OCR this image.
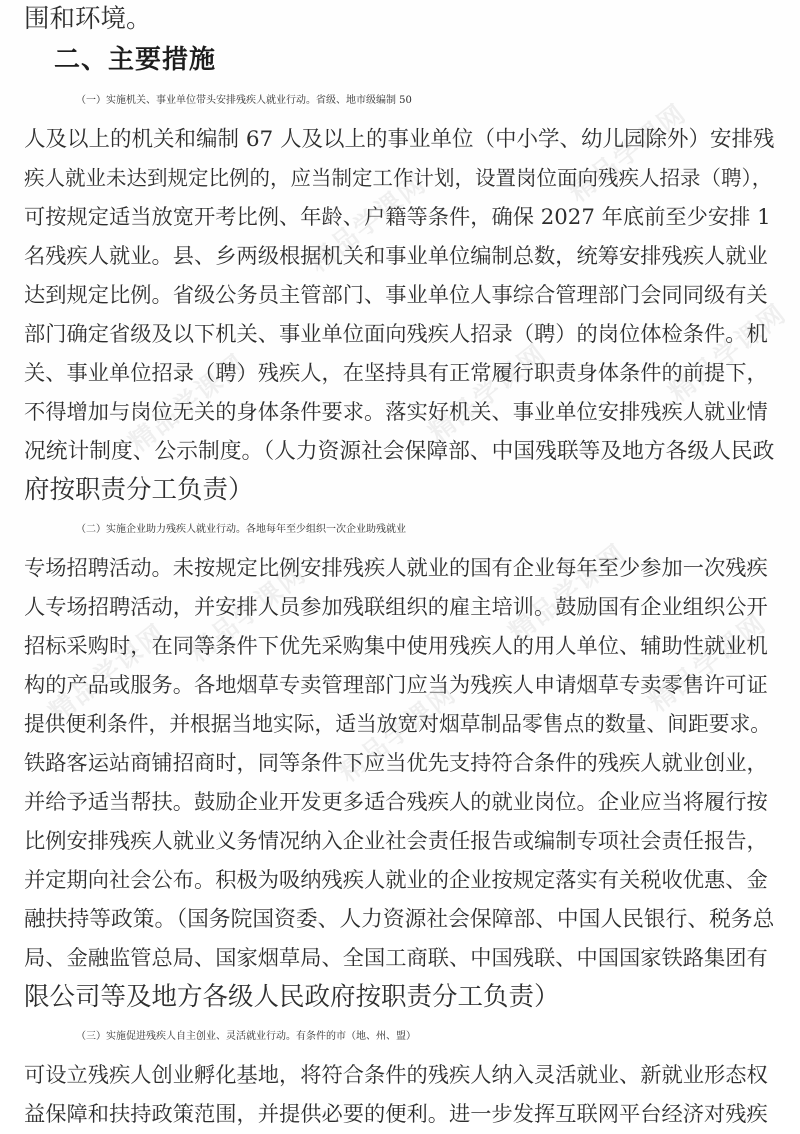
精品学课网
精品学课网
精品学课网	精品学课网	精品学课网
精品学课网	精品学课网
精品学课网	精品学课网
精品学课网
围和环境。
二、主要措施
（一）实施机关、事业单位带头安排残疾人就业行动。省级、地市级编制 50
人及以上的机关和编制 67 人及以上的事业单位（中小学、幼儿园除外）安排残
疾人就业未达到规定比例的，应当制定工作计划，设置岗位面向残疾人招录（聘），
可按规定适当放宽开考比例、年龄、户籍等条件，确保 2027 年底前至少安排 1
名残疾人就业。县、乡两级根据机关和事业单位编制总数，统筹安排残疾人就业
达到规定比例。省级公务员主管部门、事业单位人事综合管理部门会同同级有关
部门确定省级及以下机关、事业单位面向残疾人招录（聘）的岗位体检条件。机
关、事业单位招录（聘）残疾人，在坚持具有正常履行职责身体条件的前提下，
不得增加与岗位无关的身体条件要求。落实好机关、事业单位安排残疾人就业情
况统计制度、公示制度。（人力资源社会保障部、中国残联等及地方各级人民政
府按职责分工负责）
（二）实施企业助力残疾人就业行动。各地每年至少组织一次企业助残就业
专场招聘活动。未按规定比例安排残疾人就业的国有企业每年至少参加一次残疾
人专场招聘活动，并安排人员参加残联组织的雇主培训。鼓励国有企业组织公开
招标采购时，在同等条件下优先采购集中使用残疾人的用人单位、辅助性就业机
构的产品或服务。各地烟草专卖管理部门应当为残疾人申请烟草专卖零售许可证
提供便利条件，并根据当地实际，适当放宽对烟草制品零售点的数量、间距要求。
铁路客运站商铺招商时，同等条件下应当优先支持符合条件的残疾人就业创业，
并给予适当帮扶。鼓励企业开发更多适合残疾人的就业岗位。企业应当将履行按
比例安排残疾人就业义务情况纳入企业社会责任报告或编制专项社会责任报告，
并定期向社会公布。积极为吸纳残疾人就业的企业按规定落实有关税收优惠、金
融扶持等政策。（国务院国资委、人力资源社会保障部、中国人民银行、税务总
局、金融监管总局、国家烟草局、全国工商联、中国残联、中国国家铁路集团有
限公司等及地方各级人民政府按职责分工负责）
（三）实施促进残疾人自主创业、灵活就业行动。有条件的市（地、州、盟）
可设立残疾人创业孵化基地，将符合条件的残疾人纳入灵活就业、新就业形态权
益保障和扶持政策范围，并提供必要的便利。进一步发挥互联网平台经济对残疾
